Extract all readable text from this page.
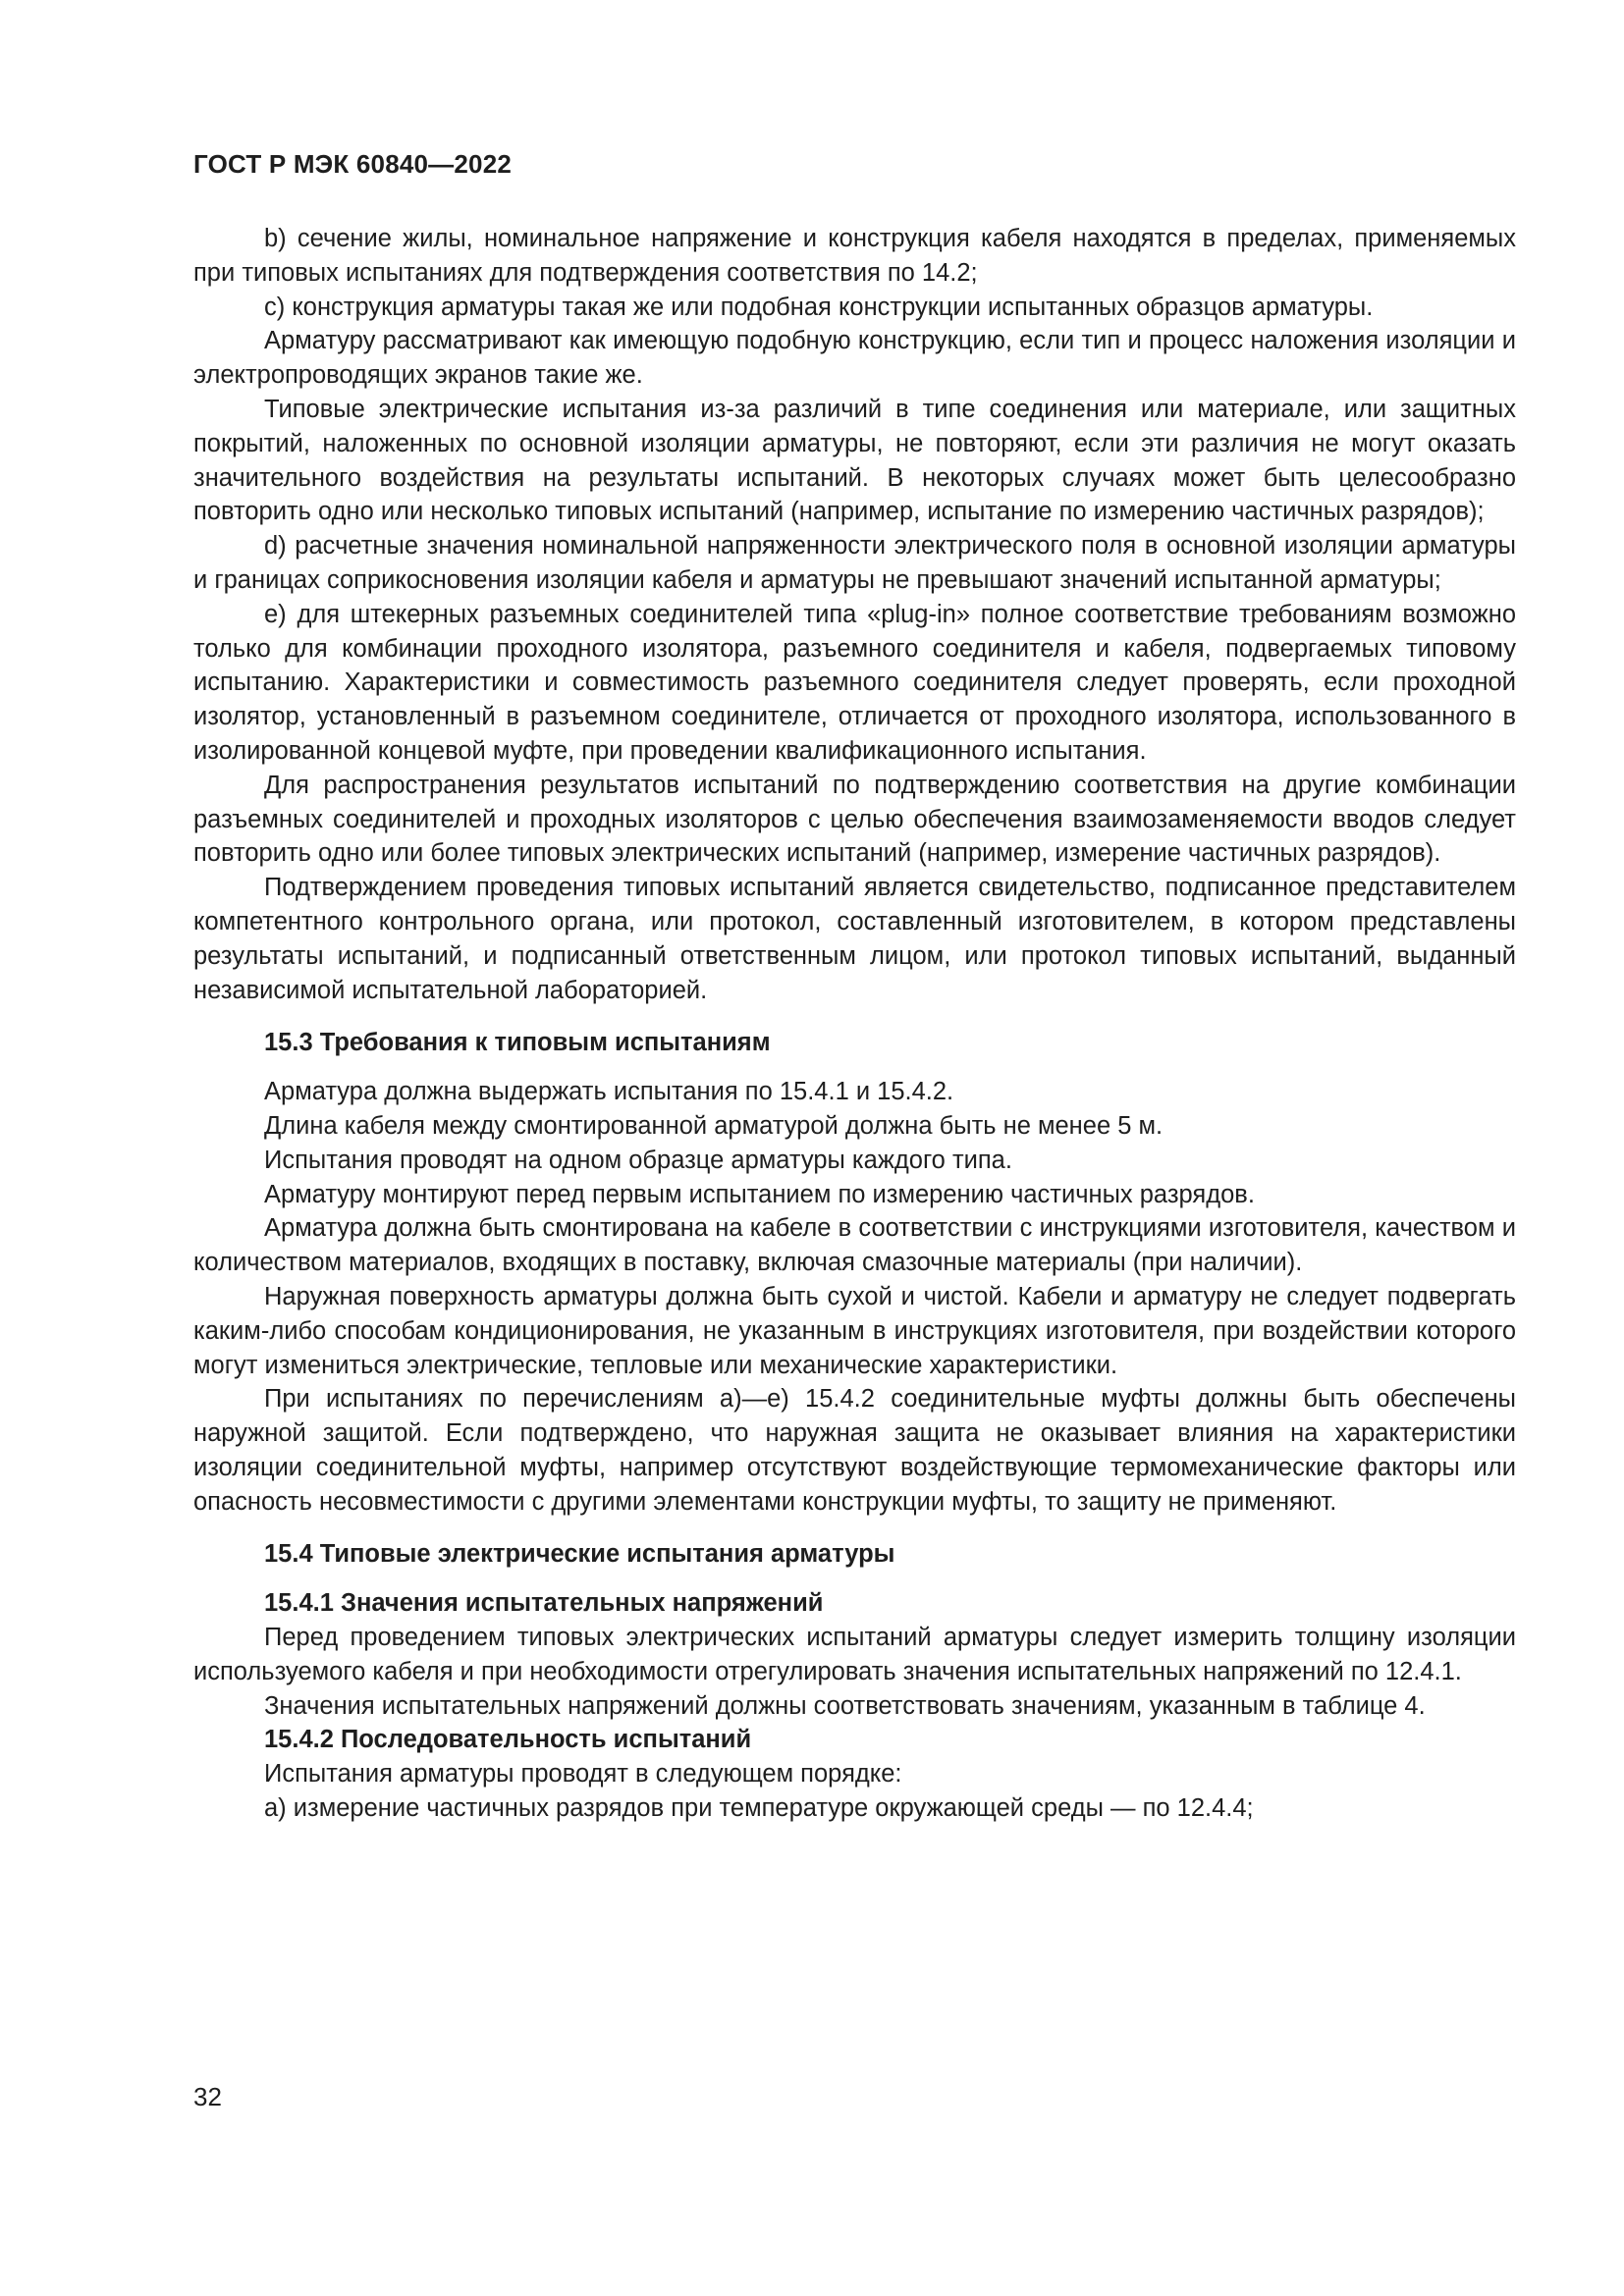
ГОСТ Р МЭК 60840—2022

b) сечение жилы, номинальное напряжение и конструкция кабеля находятся в пределах, применяемых при типовых испытаниях для подтверждения соответствия по 14.2;

c) конструкция арматуры такая же или подобная конструкции испытанных образцов арматуры.

Арматуру рассматривают как имеющую подобную конструкцию, если тип и процесс наложения изоляции и электропроводящих экранов такие же.

Типовые электрические испытания из-за различий в типе соединения или материале, или защитных покрытий, наложенных по основной изоляции арматуры, не повторяют, если эти различия не могут оказать значительного воздействия на результаты испытаний. В некоторых случаях может быть целесообразно повторить одно или несколько типовых испытаний (например, испытание по измерению частичных разрядов);

d) расчетные значения номинальной напряженности электрического поля в основной изоляции арматуры и границах соприкосновения изоляции кабеля и арматуры не превышают значений испытанной арматуры;

e) для штекерных разъемных соединителей типа «plug-in» полное соответствие требованиям возможно только для комбинации проходного изолятора, разъемного соединителя и кабеля, подвергаемых типовому испытанию. Характеристики и совместимость разъемного соединителя следует проверять, если проходной изолятор, установленный в разъемном соединителе, отличается от проходного изолятора, использованного в изолированной концевой муфте, при проведении квалификационного испытания.

Для распространения результатов испытаний по подтверждению соответствия на другие комбинации разъемных соединителей и проходных изоляторов с целью обеспечения взаимозаменяемости вводов следует повторить одно или более типовых электрических испытаний (например, измерение частичных разрядов).

Подтверждением проведения типовых испытаний является свидетельство, подписанное представителем компетентного контрольного органа, или протокол, составленный изготовителем, в котором представлены результаты испытаний, и подписанный ответственным лицом, или протокол типовых испытаний, выданный независимой испытательной лабораторией.

15.3 Требования к типовым испытаниям

Арматура должна выдержать испытания по 15.4.1 и 15.4.2.

Длина кабеля между смонтированной арматурой должна быть не менее 5 м.

Испытания проводят на одном образце арматуры каждого типа.

Арматуру монтируют перед первым испытанием по измерению частичных разрядов.

Арматура должна быть смонтирована на кабеле в соответствии с инструкциями изготовителя, качеством и количеством материалов, входящих в поставку, включая смазочные материалы (при наличии).

Наружная поверхность арматуры должна быть сухой и чистой. Кабели и арматуру не следует подвергать каким-либо способам кондиционирования, не указанным в инструкциях изготовителя, при воздействии которого могут измениться электрические, тепловые или механические характеристики.

При испытаниях по перечислениям а)—е) 15.4.2 соединительные муфты должны быть обеспечены наружной защитой. Если подтверждено, что наружная защита не оказывает влияния на характеристики изоляции соединительной муфты, например отсутствуют воздействующие термомеханические факторы или опасность несовместимости с другими элементами конструкции муфты, то защиту не применяют.

15.4 Типовые электрические испытания арматуры
15.4.1 Значения испытательных напряжений

Перед проведением типовых электрических испытаний арматуры следует измерить толщину изоляции используемого кабеля и при необходимости отрегулировать значения испытательных напряжений по 12.4.1.

Значения испытательных напряжений должны соответствовать значениям, указанным в таблице 4.

15.4.2 Последовательность испытаний

Испытания арматуры проводят в следующем порядке:

а) измерение частичных разрядов при температуре окружающей среды — по 12.4.4;

32
